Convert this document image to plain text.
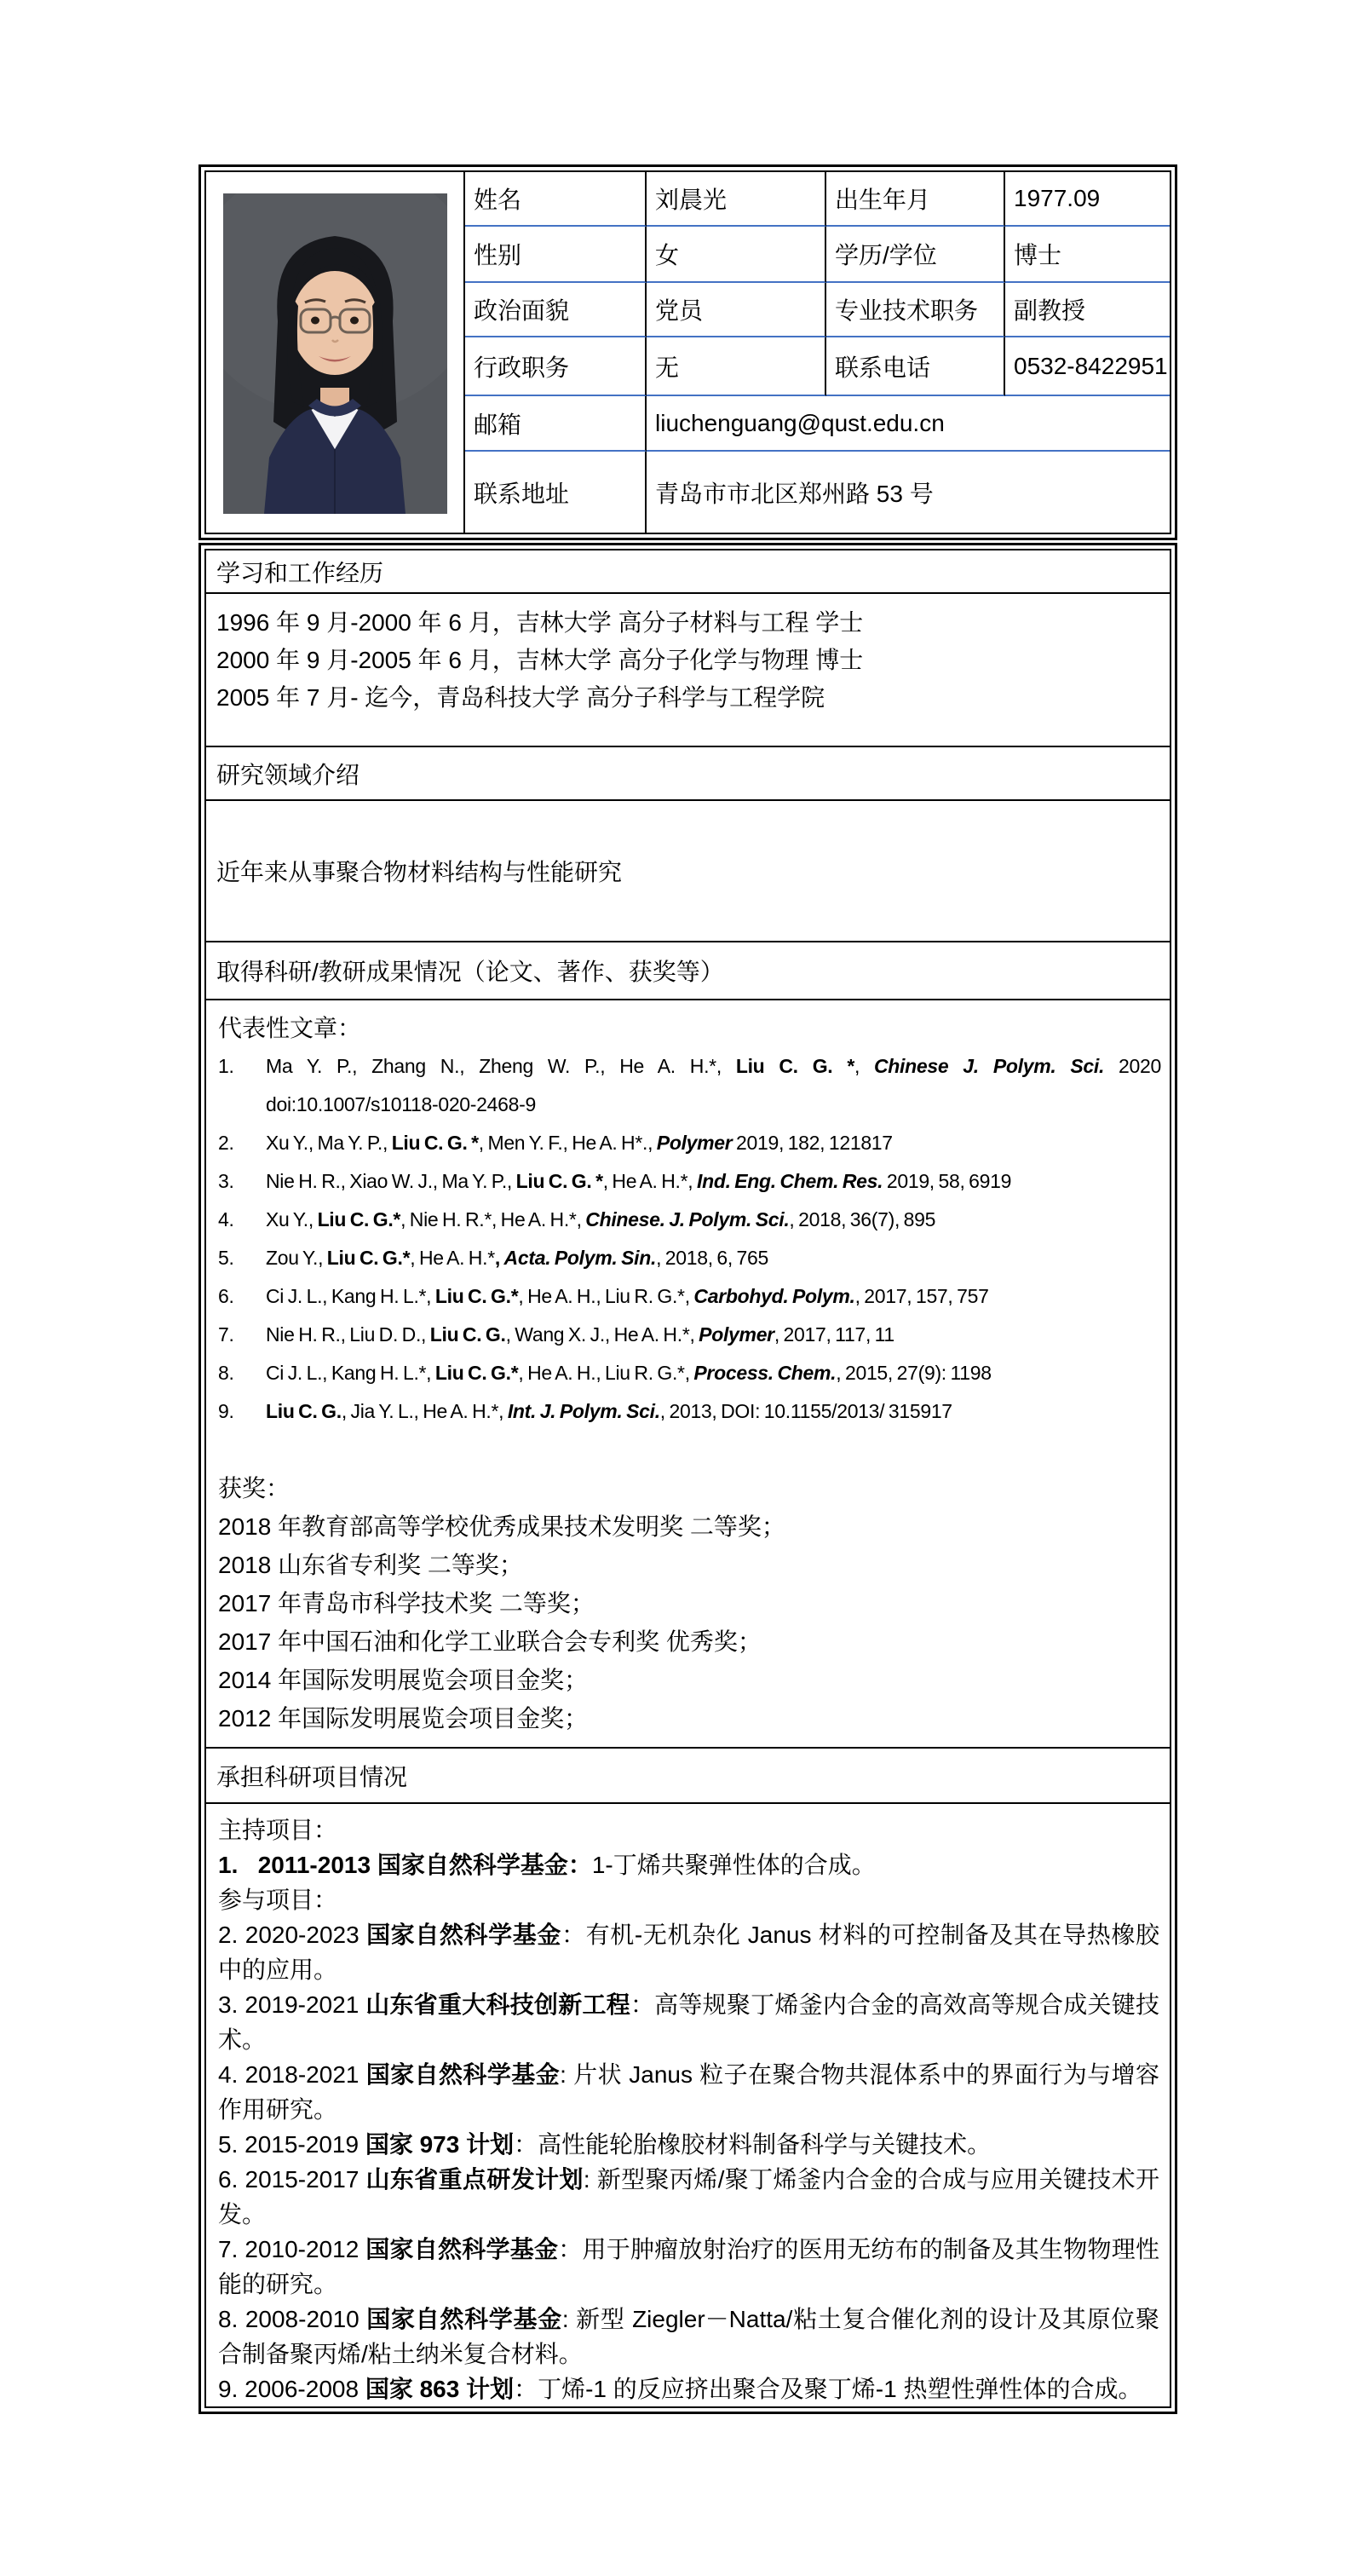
	姓名	刘晨光	出生年月	1977.09
	性别	女	学历/学位	博士
	政治面貌	党员	专业技术职务	副教授
	行政职务	无	联系电话	0532-8422951
	邮箱	liuchenguang@qust.edu.cn		
	联系地址	青岛市市北区郑州路 53 号		
学习和工作经历

1996 年 9 月-2000 年 6 月，吉林大学 高分子材料与工程 学士
2000 年 9 月-2005 年 6 月，吉林大学 高分子化学与物理 博士
2005 年 7 月- 迄今，青岛科技大学 高分子科学与工程学院

研究领域介绍

近年来从事聚合物材料结构与性能研究

取得科研/教研成果情况（论文、著作、获奖等）

代表性文章：
1. Ma Y. P., Zhang N., Zheng W. P., He A. H.*, Liu C. G. *, Chinese J. Polym. Sci. 2020
doi:10.1007/s10118-020-2468-9
2. Xu Y., Ma Y. P., Liu C. G. *, Men Y. F., He A. H*., Polymer 2019, 182, 121817
3. Nie H. R., Xiao W. J., Ma Y. P., Liu C. G. *, He A. H.*, Ind. Eng. Chem. Res. 2019, 58, 6919
4. Xu Y., Liu C. G.*, Nie H. R.*, He A. H.*, Chinese. J. Polym. Sci., 2018, 36(7), 895
5. Zou Y., Liu C. G.*, He A. H.*, Acta. Polym. Sin., 2018, 6, 765
6. Ci J. L., Kang H. L.*, Liu C. G.*, He A. H., Liu R. G.*, Carbohyd. Polym., 2017, 157, 757
7. Nie H. R., Liu D. D., Liu C. G., Wang X. J., He A. H.*, Polymer, 2017, 117, 11
8. Ci J. L., Kang H. L.*, Liu C. G.*, He A. H., Liu R. G.*, Process. Chem., 2015, 27(9): 1198
9. Liu C. G., Jia Y. L., He A. H.*, Int. J. Polym. Sci., 2013, DOI: 10.1155/2013/ 315917
获奖：
2018 年教育部高等学校优秀成果技术发明奖 二等奖；
2018 山东省专利奖 二等奖；
2017 年青岛市科学技术奖 二等奖；
2017 年中国石油和化学工业联合会专利奖 优秀奖；
2014 年国际发明展览会项目金奖；
2012 年国际发明展览会项目金奖；

承担科研项目情况

主持项目：
1.   2011-2013 国家自然科学基金：1-丁烯共聚弹性体的合成。
参与项目：
2. 2020-2023 国家自然科学基金：有机-无机杂化 Janus 材料的可控制备及其在导热橡胶中的应用。
3. 2019-2021 山东省重大科技创新工程：高等规聚丁烯釜内合金的高效高等规合成关键技术。
4. 2018-2021 国家自然科学基金: 片状 Janus 粒子在聚合物共混体系中的界面行为与增容作用研究。
5. 2015-2019 国家 973 计划：高性能轮胎橡胶材料制备科学与关键技术。
6. 2015-2017 山东省重点研发计划: 新型聚丙烯/聚丁烯釜内合金的合成与应用关键技术开发。
7. 2010-2012 国家自然科学基金：用于肿瘤放射治疗的医用无纺布的制备及其生物物理性能的研究。
8. 2008-2010 国家自然科学基金: 新型 Ziegler－Natta/粘土复合催化剂的设计及其原位聚合制备聚丙烯/粘土纳米复合材料。
9. 2006-2008 国家 863 计划：丁烯-1 的反应挤出聚合及聚丁烯-1 热塑性弹性体的合成。
